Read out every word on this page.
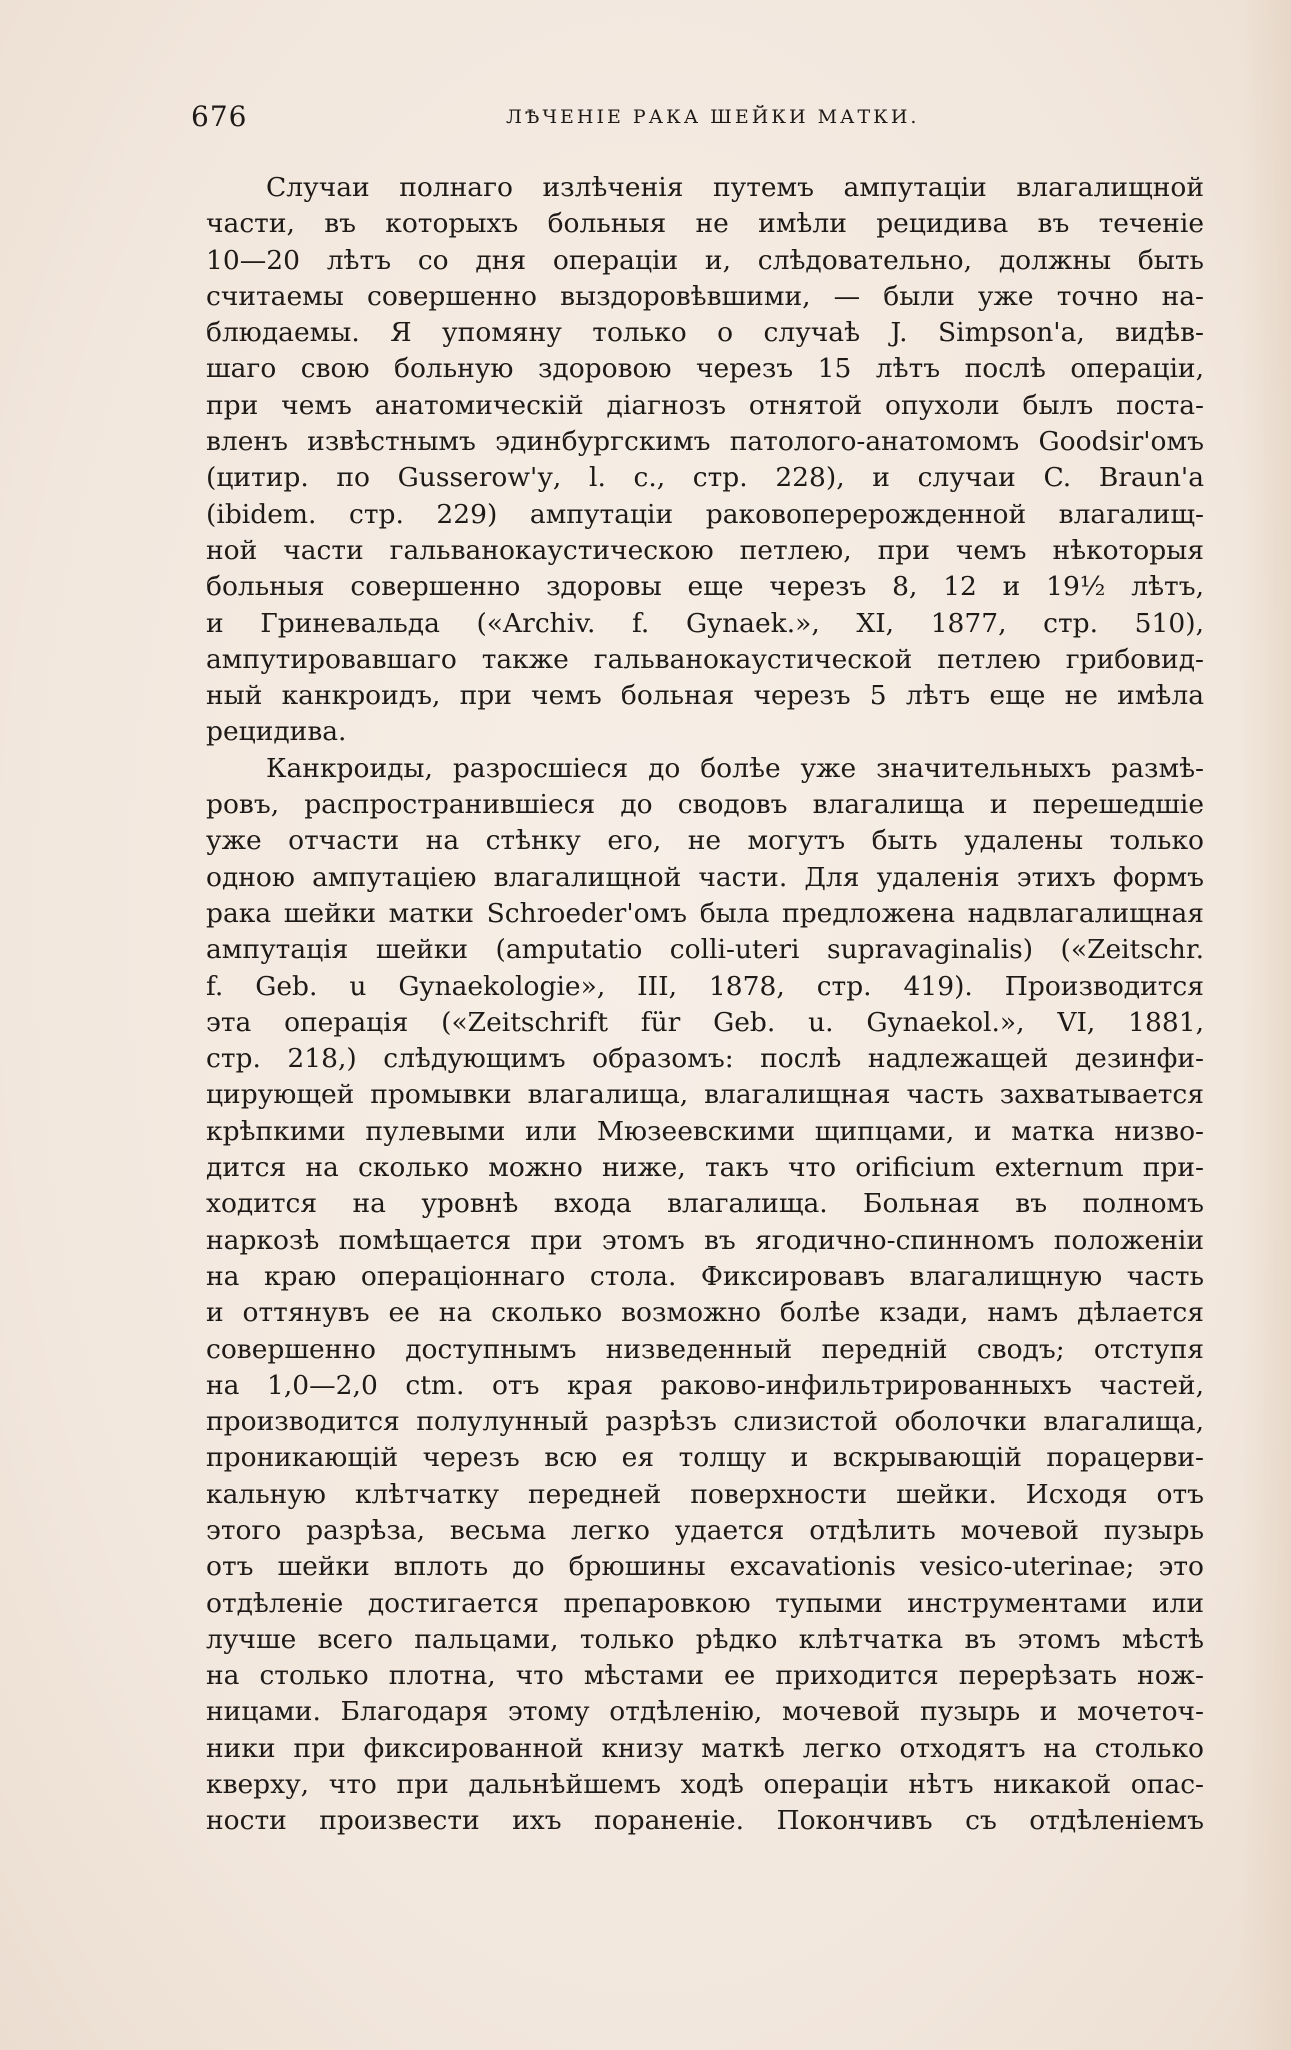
676	ЛѢЧЕНІЕ РАКА ШЕЙКИ МАТКИ.
Случаи полнаго излѣченія путемъ ампутаціи влагалищной
части, въ которыхъ больныя не имѣли рецидива въ теченіе
10—20 лѣтъ со дня операціи и, слѣдовательно, должны быть
считаемы совершенно выздоровѣвшими, — были уже точно на-
блюдаемы. Я упомяну только о случаѣ J. Simpson'а, видѣв-
шаго свою больную здоровою черезъ 15 лѣтъ послѣ операціи,
при чемъ анатомическій діагнозъ отнятой опухоли былъ поста-
вленъ извѣстнымъ эдинбургскимъ патолого-анатомомъ Goodsir'омъ
(цитир. по Gusserow'у, l. c., стр. 228), и случаи C. Braun'а
(ibidem. стр. 229) ампутаціи раковоперерожденной влагалищ-
ной части гальванокаустическою петлею, при чемъ нѣкоторыя
больныя совершенно здоровы еще черезъ 8, 12 и 19½ лѣтъ,
и Гриневальда («Archiv. f. Gynaek.», XI, 1877, стр. 510),
ампутировавшаго также гальванокаустической петлею грибовид-
ный канкроидъ, при чемъ больная черезъ 5 лѣтъ еще не имѣла
рецидива.
Канкроиды, разросшіеся до болѣе уже значительныхъ размѣ-
ровъ, распространившіеся до сводовъ влагалища и перешедшіе
уже отчасти на стѣнку его, не могутъ быть удалены только
одною ампутаціею влагалищной части. Для удаленія этихъ формъ
рака шейки матки Schroeder'омъ была предложена надвлагалищная
ампутація шейки (amputatio colli-uteri supravaginalis) («Zeitschr.
f. Geb. u Gynaekologie», III, 1878, стр. 419). Производится
эта операція («Zeitschrift für Geb. u. Gynaekol.», VI, 1881,
стр. 218,) слѣдующимъ образомъ: послѣ надлежащей дезинфи-
цирующей промывки влагалища, влагалищная часть захватывается
крѣпкими пулевыми или Мюзеевскими щипцами, и матка низво-
дится на сколько можно ниже, такъ что orificium externum при-
ходится на уровнѣ входа влагалища. Больная въ полномъ
наркозѣ помѣщается при этомъ въ ягодично-спинномъ положеніи
на краю операціоннаго стола. Фиксировавъ влагалищную часть
и оттянувъ ее на сколько возможно болѣе кзади, намъ дѣлается
совершенно доступнымъ низведенный передній сводъ; отступя
на 1,0—2,0 ctm. отъ края раково-инфильтрированныхъ частей,
производится полулунный разрѣзъ слизистой оболочки влагалища,
проникающій черезъ всю ея толщу и вскрывающій порацерви-
кальную клѣтчатку передней поверхности шейки. Исходя отъ
этого разрѣза, весьма легко удается отдѣлить мочевой пузырь
отъ шейки вплоть до брюшины excavationis vesico-uterinae; это
отдѣленіе достигается препаровкою тупыми инструментами или
лучше всего пальцами, только рѣдко клѣтчатка въ этомъ мѣстѣ
на столько плотна, что мѣстами ее приходится перерѣзать нож-
ницами. Благодаря этому отдѣленію, мочевой пузырь и мочеточ-
ники при фиксированной книзу маткѣ легко отходятъ на столько
кверху, что при дальнѣйшемъ ходѣ операціи нѣтъ никакой опас-
ности произвести ихъ пораненіе. Покончивъ съ отдѣленіемъ
